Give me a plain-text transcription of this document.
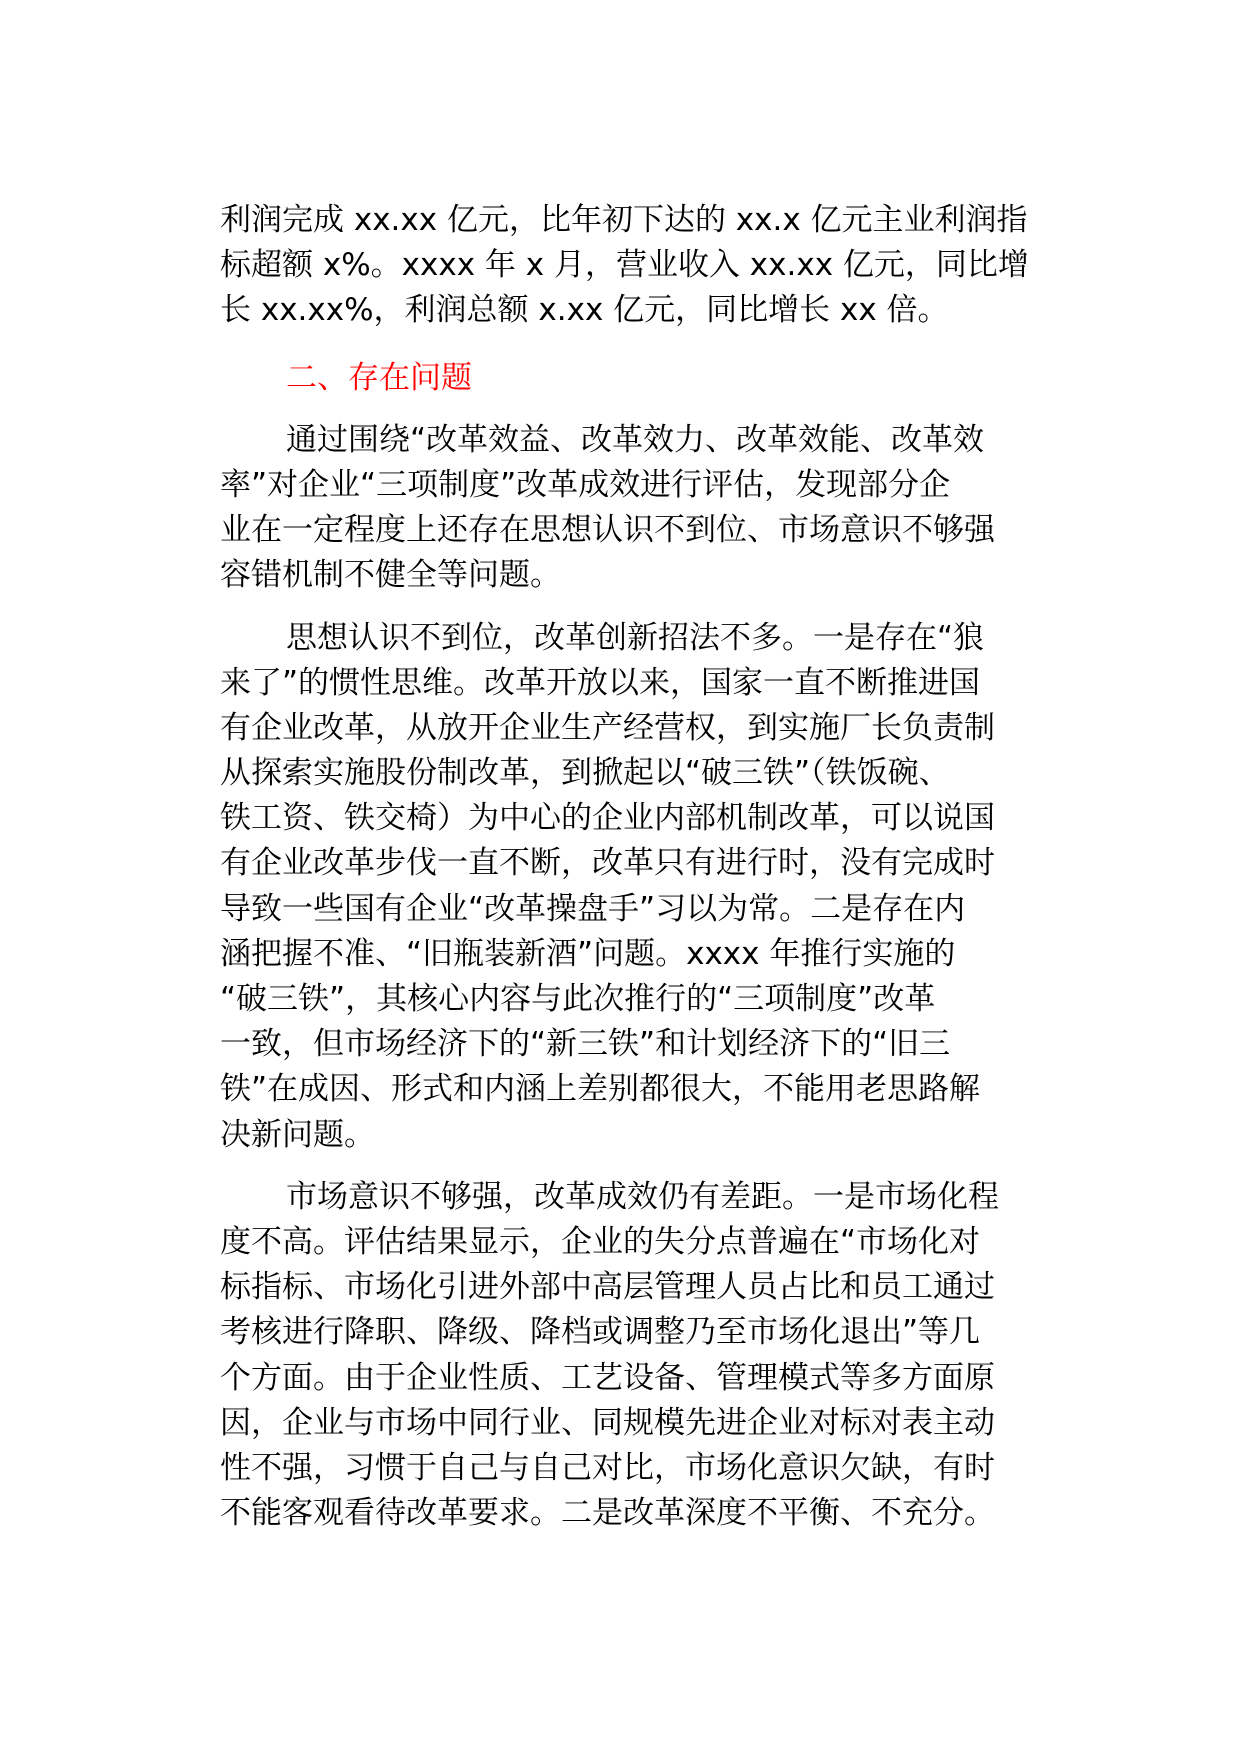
利润完成 xx.xx 亿元，比年初下达的 xx.x 亿元主业利润指
标超额 x%。xxxx 年 x 月，营业收入 xx.xx 亿元，同比增
长 xx.xx%，利润总额 x.xx 亿元，同比增长 xx 倍。
二、存在问题
通过围绕“改革效益、改革效力、改革效能、改革效
率”对企业“三项制度”改革成效进行评估，发现部分企
业在一定程度上还存在思想认识不到位、市场意识不够强
容错机制不健全等问题。
思想认识不到位，改革创新招法不多。一是存在“狼
来了”的惯性思维。改革开放以来，国家一直不断推进国
有企业改革，从放开企业生产经营权，到实施厂长负责制
从探索实施股份制改革，到掀起以“破三铁”（铁饭碗、
铁工资、铁交椅）为中心的企业内部机制改革，可以说国
有企业改革步伐一直不断，改革只有进行时，没有完成时
导致一些国有企业“改革操盘手”习以为常。二是存在内
涵把握不准、“旧瓶装新酒”问题。xxxx 年推行实施的
“破三铁”，其核心内容与此次推行的“三项制度”改革
一致，但市场经济下的“新三铁”和计划经济下的“旧三
铁”在成因、形式和内涵上差别都很大，不能用老思路解
决新问题。
市场意识不够强，改革成效仍有差距。一是市场化程
度不高。评估结果显示，企业的失分点普遍在“市场化对
标指标、市场化引进外部中高层管理人员占比和员工通过
考核进行降职、降级、降档或调整乃至市场化退出”等几
个方面。由于企业性质、工艺设备、管理模式等多方面原
因，企业与市场中同行业、同规模先进企业对标对表主动
性不强，习惯于自己与自己对比，市场化意识欠缺，有时
不能客观看待改革要求。二是改革深度不平衡、不充分。
